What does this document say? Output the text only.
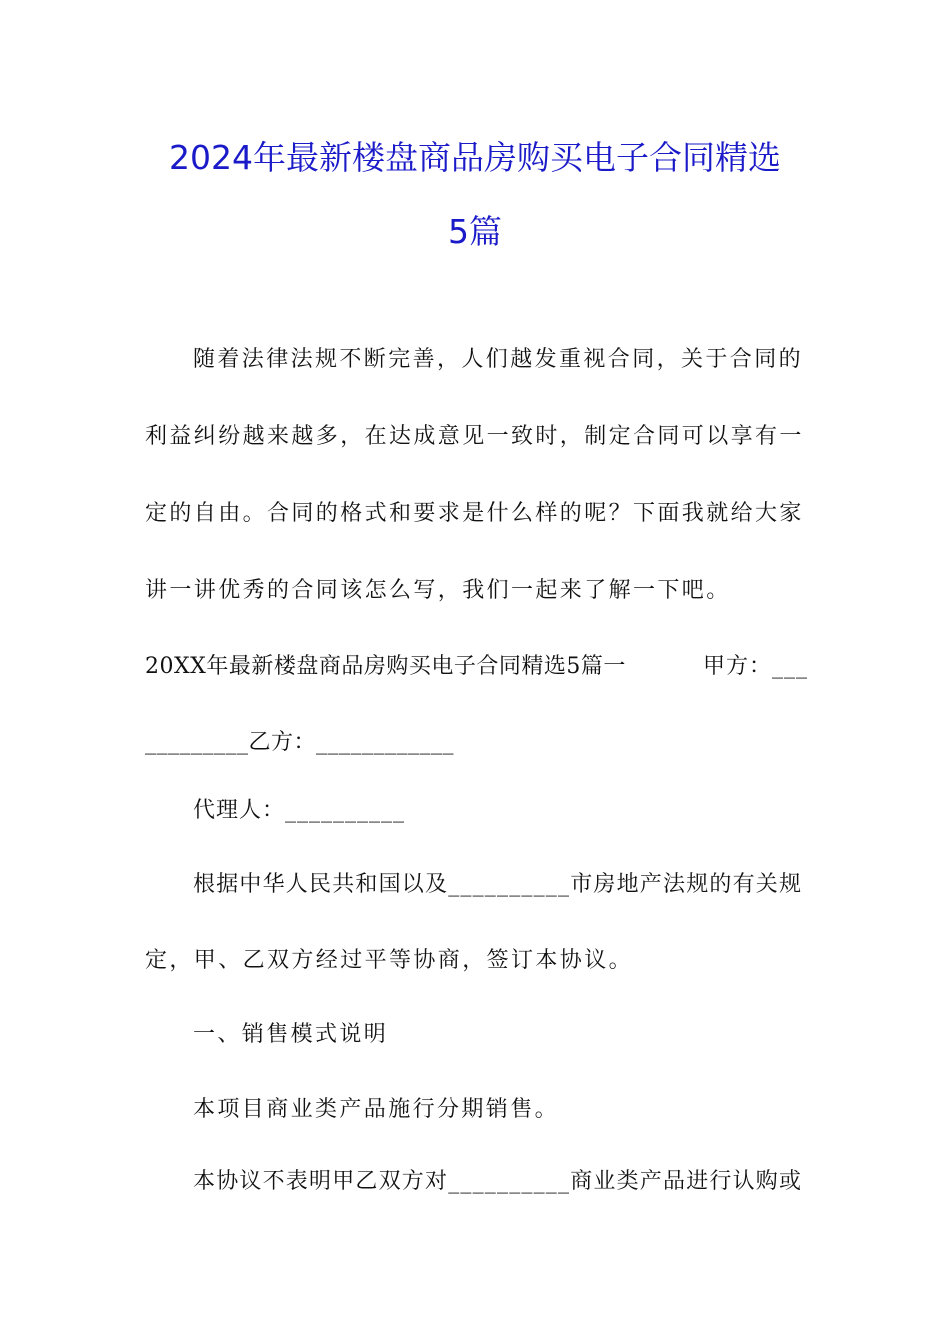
2024年最新楼盘商品房购买电子合同精选
5篇
随着法律法规不断完善，人们越发重视合同，关于合同的
利益纠纷越来越多，在达成意见一致时，制定合同可以享有一
定的自由。合同的格式和要求是什么样的呢？下面我就给大家
讲一讲优秀的合同该怎么写，我们一起来了解一下吧。
20XX年最新楼盘商品房购买电子合同精选5篇一	甲方：___
_________乙方：____________
代理人：__________
根据中华人民共和国以及__________市房地产法规的有关规
定，甲、乙双方经过平等协商，签订本协议。
一、销售模式说明
本项目商业类产品施行分期销售。
本协议不表明甲乙双方对__________商业类产品进行认购或
